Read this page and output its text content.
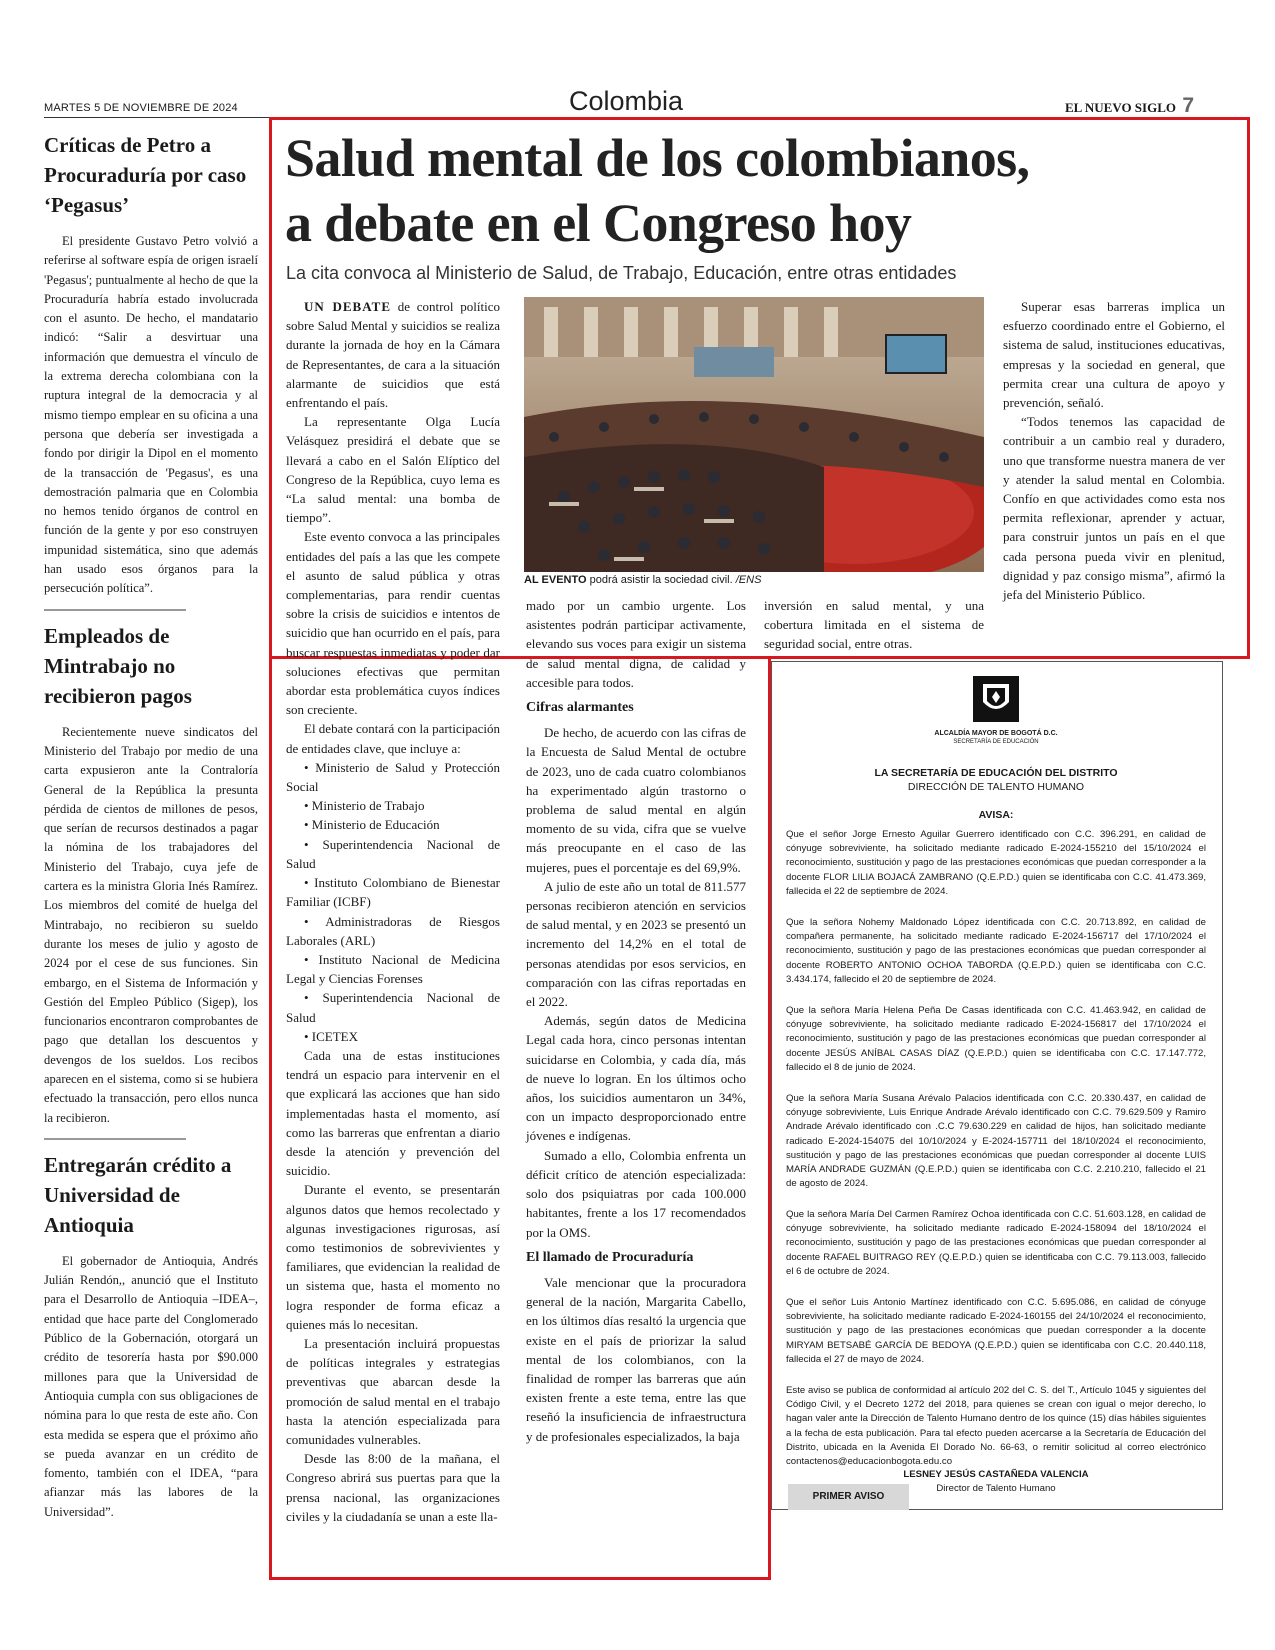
MARTES 5 DE NOVIEMBRE DE 2024	Colombia	EL NUEVO SIGLO 7
Críticas de Petro a Procuraduría por caso ‘Pegasus’

El presidente Gustavo Petro volvió a referirse al software espía de origen israelí 'Pegasus'; puntualmente al hecho de que la Procuraduría habría estado involucrada con el asunto. De hecho, el mandatario indicó: “Salir a desvirtuar una información que demuestra el vínculo de la extrema derecha colombiana con la ruptura integral de la democracia y al mismo tiempo emplear en su oficina a una persona que debería ser investigada a fondo por dirigir la Dipol en el momento de la transacción de 'Pegasus', es una demostración palmaria que en Colombia no hemos tenido órganos de control en función de la gente y por eso construyen impunidad sistemática, sino que además han usado esos órganos para la persecución política”.

Empleados de Mintrabajo no recibieron pagos

Recientemente nueve sindicatos del Ministerio del Trabajo por medio de una carta expusieron ante la Contraloría General de la República la presunta pérdida de cientos de millones de pesos, que serían de recursos destinados a pagar la nómina de los trabajadores del Ministerio del Trabajo, cuya jefe de cartera es la ministra Gloria Inés Ramírez. Los miembros del comité de huelga del Mintrabajo, no recibieron su sueldo durante los meses de julio y agosto de 2024 por el cese de sus funciones. Sin embargo, en el Sistema de Información y Gestión del Empleo Público (Sigep), los funcionarios encontraron comprobantes de pago que detallan los descuentos y devengos de los sueldos. Los recibos aparecen en el sistema, como si se hubiera efectuado la transacción, pero ellos nunca la recibieron.

Entregarán crédito a Universidad de Antioquia

El gobernador de Antioquia, Andrés Julián Rendón,, anunció que el Instituto para el Desarrollo de Antioquia –IDEA–, entidad que hace parte del Conglomerado Público de la Gobernación, otorgará un crédito de tesorería hasta por $90.000 millones para que la Universidad de Antioquia cumpla con sus obligaciones de nómina para lo que resta de este año. Con esta medida se espera que el próximo año se pueda avanzar en un crédito de fomento, también con el IDEA, “para afianzar más las labores de la Universidad”.

Salud mental de los colombianos,
a debate en el Congreso hoy
La cita convoca al Ministerio de Salud, de Trabajo, Educación, entre otras entidades
AL EVENTO podrá asistir la sociedad civil. /ENS

UN DEBATE de control político sobre Salud Mental y suicidios se realiza durante la jornada de hoy en la Cámara de Representantes, de cara a la situación alarmante de suicidios que está enfrentando el país.

La representante Olga Lucía Velásquez presidirá el debate que se llevará a cabo en el Salón Elíptico del Congreso de la República, cuyo lema es “La salud mental: una bomba de tiempo”.

Este evento convoca a las principales entidades del país a las que les compete el asunto de salud pública y otras complementarias, para rendir cuentas sobre la crisis de suicidios e intentos de suicidio que han ocurrido en el país, para buscar respuestas inmediatas y poder dar soluciones efectivas que permitan abordar esta problemática cuyos índices son creciente.

El debate contará con la participación de entidades clave, que incluye a:

• Ministerio de Salud y Protección Social
• Ministerio de Trabajo
• Ministerio de Educación
• Superintendencia Nacional de Salud
• Instituto Colombiano de Bienestar Familiar (ICBF)
• Administradoras de Riesgos Laborales (ARL)
• Instituto Nacional de Medicina Legal y Ciencias Forenses
• Superintendencia Nacional de Salud
• ICETEX

Cada una de estas instituciones tendrá un espacio para intervenir en el que explicará las acciones que han sido implementadas hasta el momento, así como las barreras que enfrentan a diario desde la atención y prevención del suicidio.

Durante el evento, se presentarán algunos datos que hemos recolectado y algunas investigaciones rigurosas, así como testimonios de sobrevivientes y familiares, que evidencian la realidad de un sistema que, hasta el momento no logra responder de forma eficaz a quienes más lo necesitan.

La presentación incluirá propuestas de políticas integrales y estrategias preventivas que abarcan desde la promoción de salud mental en el trabajo hasta la atención especializada para comunidades vulnerables.

Desde las 8:00 de la mañana, el Congreso abrirá sus puertas para que la prensa nacional, las organizaciones civiles y la ciudadanía se unan a este lla-

mado por un cambio urgente. Los asistentes podrán participar activamente, elevando sus voces para exigir un sistema de salud mental digna, de calidad y accesible para todos.

Cifras alarmantes

De hecho, de acuerdo con las cifras de la Encuesta de Salud Mental de octubre de 2023, uno de cada cuatro colombianos ha experimentado algún trastorno o problema de salud mental en algún momento de su vida, cifra que se vuelve más preocupante en el caso de las mujeres, pues el porcentaje es del 69,9%.

A julio de este año un total de 811.577 personas recibieron atención en servicios de salud mental, y en 2023 se presentó un incremento del 14,2% en el total de personas atendidas por esos servicios, en comparación con las cifras reportadas en el 2022.

Además, según datos de Medicina Legal cada hora, cinco personas intentan suicidarse en Colombia, y cada día, más de nueve lo logran. En los últimos ocho años, los suicidios aumentaron un 34%, con un impacto desproporcionado entre jóvenes e indígenas.

Sumado a ello, Colombia enfrenta un déficit crítico de atención especializada: solo dos psiquiatras por cada 100.000 habitantes, frente a los 17 recomendados por la OMS.

El llamado de Procuraduría

Vale mencionar que la procuradora general de la nación, Margarita Cabello, en los últimos días resaltó la urgencia que existe en el país de priorizar la salud mental de los colombianos, con la finalidad de romper las barreras que aún existen frente a este tema, entre las que reseñó la insuficiencia de infraestructura y de profesionales especializados, la baja

inversión en salud mental, y una cobertura limitada en el sistema de seguridad social, entre otras.

Superar esas barreras implica un esfuerzo coordinado entre el Gobierno, el sistema de salud, instituciones educativas, empresas y la sociedad en general, que permita crear una cultura de apoyo y prevención, señaló.

“Todos tenemos las capacidad de contribuir a un cambio real y duradero, uno que transforme nuestra manera de ver y atender la salud mental en Colombia. Confío en que actividades como esta nos permita reflexionar, aprender y actuar, para construir juntos un país en el que cada persona pueda vivir en plenitud, dignidad y paz consigo misma”, afirmó la jefa del Ministerio Público.

ALCALDÍA MAYOR DE BOGOTÁ D.C.
SECRETARÍA DE EDUCACIÓN
LA SECRETARÍA DE EDUCACIÓN DEL DISTRITO
DIRECCIÓN DE TALENTO HUMANO
AVISA:
Que el señor Jorge Ernesto Aguilar Guerrero identificado con C.C. 396.291, en calidad de cónyuge sobreviviente, ha solicitado mediante radicado E-2024-155210 del 15/10/2024 el reconocimiento, sustitución y pago de las prestaciones económicas que puedan corresponder a la docente FLOR LILIA BOJACÁ ZAMBRANO (Q.E.P.D.) quien se identificaba con C.C. 41.473.369, fallecida el 22 de septiembre de 2024.
Que la señora Nohemy Maldonado López identificada con C.C. 20.713.892, en calidad de compañera permanente, ha solicitado mediante radicado E-2024-156717 del 17/10/2024 el reconocimiento, sustitución y pago de las prestaciones económicas que puedan corresponder al docente ROBERTO ANTONIO OCHOA TABORDA (Q.E.P.D.) quien se identificaba con C.C. 3.434.174, fallecido el 20 de septiembre de 2024.
Que la señora María Helena Peña De Casas identificada con C.C. 41.463.942, en calidad de cónyuge sobreviviente, ha solicitado mediante radicado E-2024-156817 del 17/10/2024 el reconocimiento, sustitución y pago de las prestaciones económicas que puedan corresponder al docente JESÚS ANÍBAL CASAS DÍAZ (Q.E.P.D.) quien se identificaba con C.C. 17.147.772, fallecido el 8 de junio de 2024.
Que la señora María Susana Arévalo Palacios identificada con C.C. 20.330.437, en calidad de cónyuge sobreviviente, Luis Enrique Andrade Arévalo identificado con C.C. 79.629.509 y Ramiro Andrade Arévalo identificado con .C.C 79.630.229 en calidad de hijos, han solicitado mediante radicado E-2024-154075 del 10/10/2024 y E-2024-157711 del 18/10/2024 el reconocimiento, sustitución y pago de las prestaciones económicas que puedan corresponder al docente LUIS MARÍA ANDRADE GUZMÁN (Q.E.P.D.) quien se identificaba con C.C. 2.210.210, fallecido el 21 de agosto de 2024.
Que la señora María Del Carmen Ramírez Ochoa identificada con C.C. 51.603.128, en calidad de cónyuge sobreviviente, ha solicitado mediante radicado E-2024-158094 del 18/10/2024 el reconocimiento, sustitución y pago de las prestaciones económicas que puedan corresponder al docente RAFAEL BUITRAGO REY (Q.E.P.D.) quien se identificaba con C.C. 79.113.003, fallecido el 6 de octubre de 2024.
Que el señor Luis Antonio Martínez identificado con C.C. 5.695.086, en calidad de cónyuge sobreviviente, ha solicitado mediante radicado E-2024-160155 del 24/10/2024 el reconocimiento, sustitución y pago de las prestaciones económicas que puedan corresponder a la docente MIRYAM BETSABÉ GARCÍA DE BEDOYA (Q.E.P.D.) quien se identificaba con C.C. 20.440.118, fallecida el 27 de mayo de 2024.
Este aviso se publica de conformidad al artículo 202 del C. S. del T., Artículo 1045 y siguientes del Código Civil, y el Decreto 1272 del 2018, para quienes se crean con igual o mejor derecho, lo hagan valer ante la Dirección de Talento Humano dentro de los quince (15) días hábiles siguientes a la fecha de esta publicación. Para tal efecto pueden acercarse a la Secretaría de Educación del Distrito, ubicada en la Avenida El Dorado No. 66-63, o remitir solicitud al correo electrónico contactenos@educacionbogota.edu.co
LESNEY JESÚS CASTAÑEDA VALENCIA
Director de Talento Humano
PRIMER AVISO
